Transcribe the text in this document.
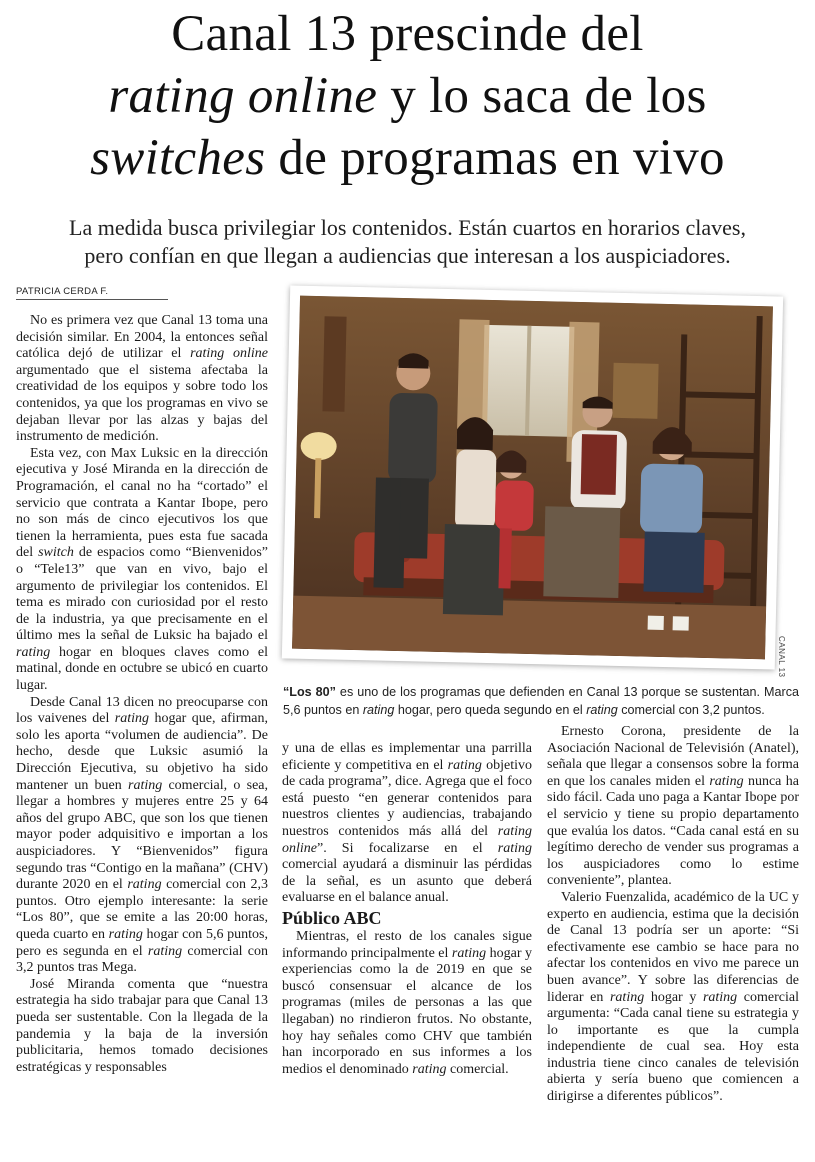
Canal 13 prescinde del
rating online y lo saca de los
switches de programas en vivo
La medida busca privilegiar los contenidos. Están cuartos en horarios claves,
pero confían en que llegan a audiencias que interesan a los auspiciadores.
PATRICIA CERDA F.
CANAL 13
“Los 80” es uno de los programas que defienden en Canal 13 porque se sustentan. Marca 5,6 puntos en rating hogar, pero queda segundo en el rating comercial con 3,2 puntos.

No es primera vez que Canal 13 toma una decisión similar. En 2004, la entonces señal católica dejó de utilizar el rating online argumentado que el sistema afectaba la creatividad de los equipos y sobre todo los contenidos, ya que los programas en vivo se dejaban llevar por las alzas y bajas del instrumento de medición.

Esta vez, con Max Luksic en la dirección ejecutiva y José Miranda en la dirección de Programación, el canal no ha “cortado” el servicio que contrata a Kantar Ibope, pero no son más de cinco ejecutivos los que tienen la herramienta, pues esta fue sacada del switch de espacios como “Bienvenidos” o “Tele13” que van en vivo, bajo el argumento de privilegiar los contenidos. El tema es mirado con curiosidad por el resto de la industria, ya que precisamente en el último mes la señal de Luksic ha bajado el rating hogar en bloques claves como el matinal, donde en octubre se ubicó en cuarto lugar.

Desde Canal 13 dicen no preocuparse con los vaivenes del rating hogar que, afirman, solo les aporta “volumen de audiencia”. De hecho, desde que Luksic asumió la Dirección Ejecutiva, su objetivo ha sido mantener un buen rating comercial, o sea, llegar a hombres y mujeres entre 25 y 64 años del grupo ABC, que son los que tienen mayor poder adquisitivo e importan a los auspiciadores. Y “Bienvenidos” figura segundo tras “Contigo en la mañana” (CHV) durante 2020 en el rating comercial con 2,3 puntos. Otro ejemplo interesante: la serie “Los 80”, que se emite a las 20:00 horas, queda cuarto en rating hogar con 5,6 puntos, pero es segunda en el rating comercial con 3,2 puntos tras Mega.

José Miranda comenta que “nuestra estrategia ha sido trabajar para que Canal 13 pueda ser sustentable. Con la llegada de la pandemia y la baja de la inversión publicitaria, hemos tomado decisiones estratégicas y responsables

y una de ellas es implementar una parrilla eficiente y competitiva en el rating objetivo de cada programa”, dice. Agrega que el foco está puesto “en generar contenidos para nuestros clientes y audiencias, trabajando nuestros contenidos más allá del rating online”. Si focalizarse en el rating comercial ayudará a disminuir las pérdidas de la señal, es un asunto que deberá evaluarse en el balance anual.

Público ABC

Mientras, el resto de los canales sigue informando principalmente el rating hogar y experiencias como la de 2019 en que se buscó consensuar el alcance de los programas (miles de personas a las que llegaban) no rindieron frutos. No obstante, hoy hay señales como CHV que también han incorporado en sus informes a los medios el denominado rating comercial.

Ernesto Corona, presidente de la Asociación Nacional de Televisión (Anatel), señala que llegar a consensos sobre la forma en que los canales miden el rating nunca ha sido fácil. Cada uno paga a Kantar Ibope por el servicio y tiene su propio departamento que evalúa los datos. “Cada canal está en su legítimo derecho de vender sus programas a los auspiciadores como lo estime conveniente”, plantea.

Valerio Fuenzalida, académico de la UC y experto en audiencia, estima que la decisión de Canal 13 podría ser un aporte: “Si efectivamente ese cambio se hace para no afectar los contenidos en vivo me parece un buen avance”. Y sobre las diferencias de liderar en rating hogar y rating comercial argumenta: “Cada canal tiene su estrategia y lo importante es que la cumpla independiente de cual sea. Hoy esta industria tiene cinco canales de televisión abierta y sería bueno que comiencen a dirigirse a diferentes públicos”.
